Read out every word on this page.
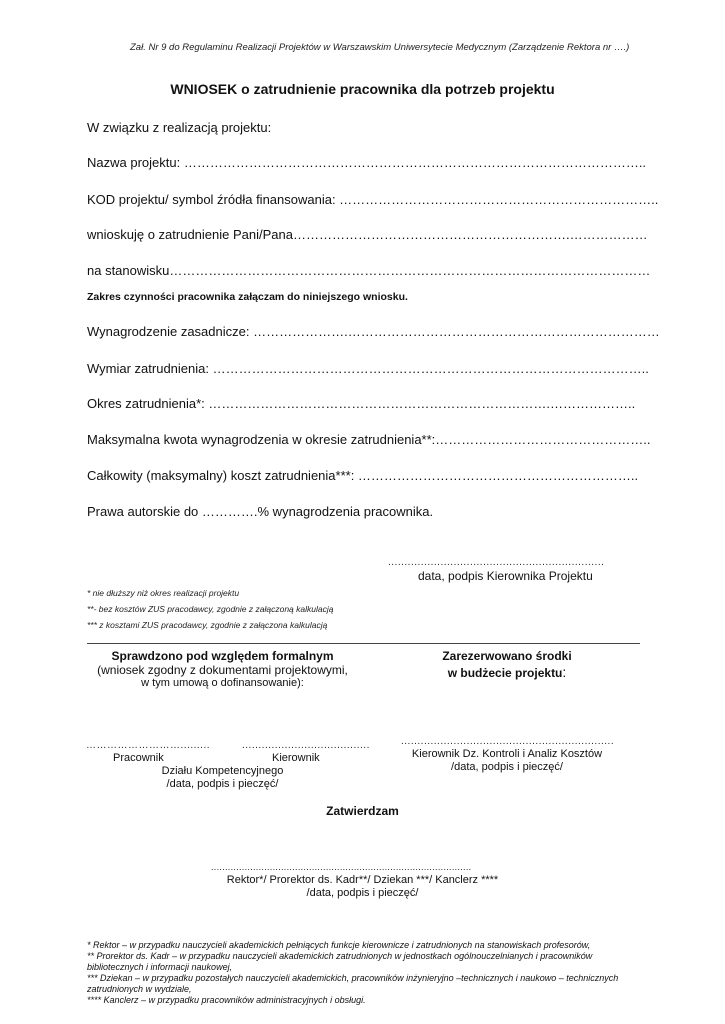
Zał. Nr 9 do Regulaminu Realizacji Projektów w Warszawskim Uniwersytecie Medycznym (Zarządzenie Rektora nr ….)
WNIOSEK o zatrudnienie pracownika dla potrzeb projektu
W związku z realizacją projektu:
Nazwa projektu: ……………………………………………………………………………………………..
KOD projektu/ symbol źródła finansowania: ………………………………………………………………..
wnioskuję o zatrudnienie Pani/Pana……………………………………………………….………………
na stanowisku…………………………………………………………………………………………………
Zakres czynności pracownika załączam do niniejszego wniosku.
Wynagrodzenie zasadnicze: ………………….………………………………………………………………
Wymiar zatrudnienia: ………………………………………………………………………………………..
Okres zatrudnienia*: …………………………………………………………………….………………..
Maksymalna kwota wynagrodzenia w okresie zatrudnienia**:…………………………………………..
Całkowity (maksymalny) koszt zatrudnienia***: ………………………………………………………..
Prawa autorskie do ………….% wynagrodzenia pracownika.
..................................................................
data, podpis Kierownika Projektu
* nie dłuższy niż okres realizacji projektu
**- bez kosztów ZUS pracodawcy, zgodnie z załączoną kalkulacją
*** z kosztami ZUS pracodawcy, zgodnie z załączona kalkulacją
Sprawdzono pod względem formalnym
(wniosek zgodny z dokumentami projektowymi,
w tym umową o dofinansowanie):
……………………….........	.......................................
Pracownik	Kierownik
Działu Kompetencyjnego
/data, podpis i pieczęć/
Zarezerwowano środki
w budżecie projektu:
.................................................................
Kierownik Dz. Kontroli i Analiz Kosztów
/data, podpis i pieczęć/
Zatwierdzam
.............................................................................................
Rektor*/ Prorektor ds. Kadr**/ Dziekan ***/ Kanclerz ****
/data, podpis i pieczęć/
* Rektor – w przypadku nauczycieli akademickich pełniących funkcje kierownicze i zatrudnionych na stanowiskach profesorów,
** Prorektor ds. Kadr – w przypadku nauczycieli akademickich zatrudnionych w jednostkach ogólnouczelnianych i pracowników bibliotecznych i informacji naukowej,
*** Dziekan – w przypadku pozostałych nauczycieli akademickich, pracowników inżynieryjno –technicznych i naukowo – technicznych zatrudnionych w wydziale,
**** Kanclerz – w przypadku pracowników administracyjnych i obsługi.
